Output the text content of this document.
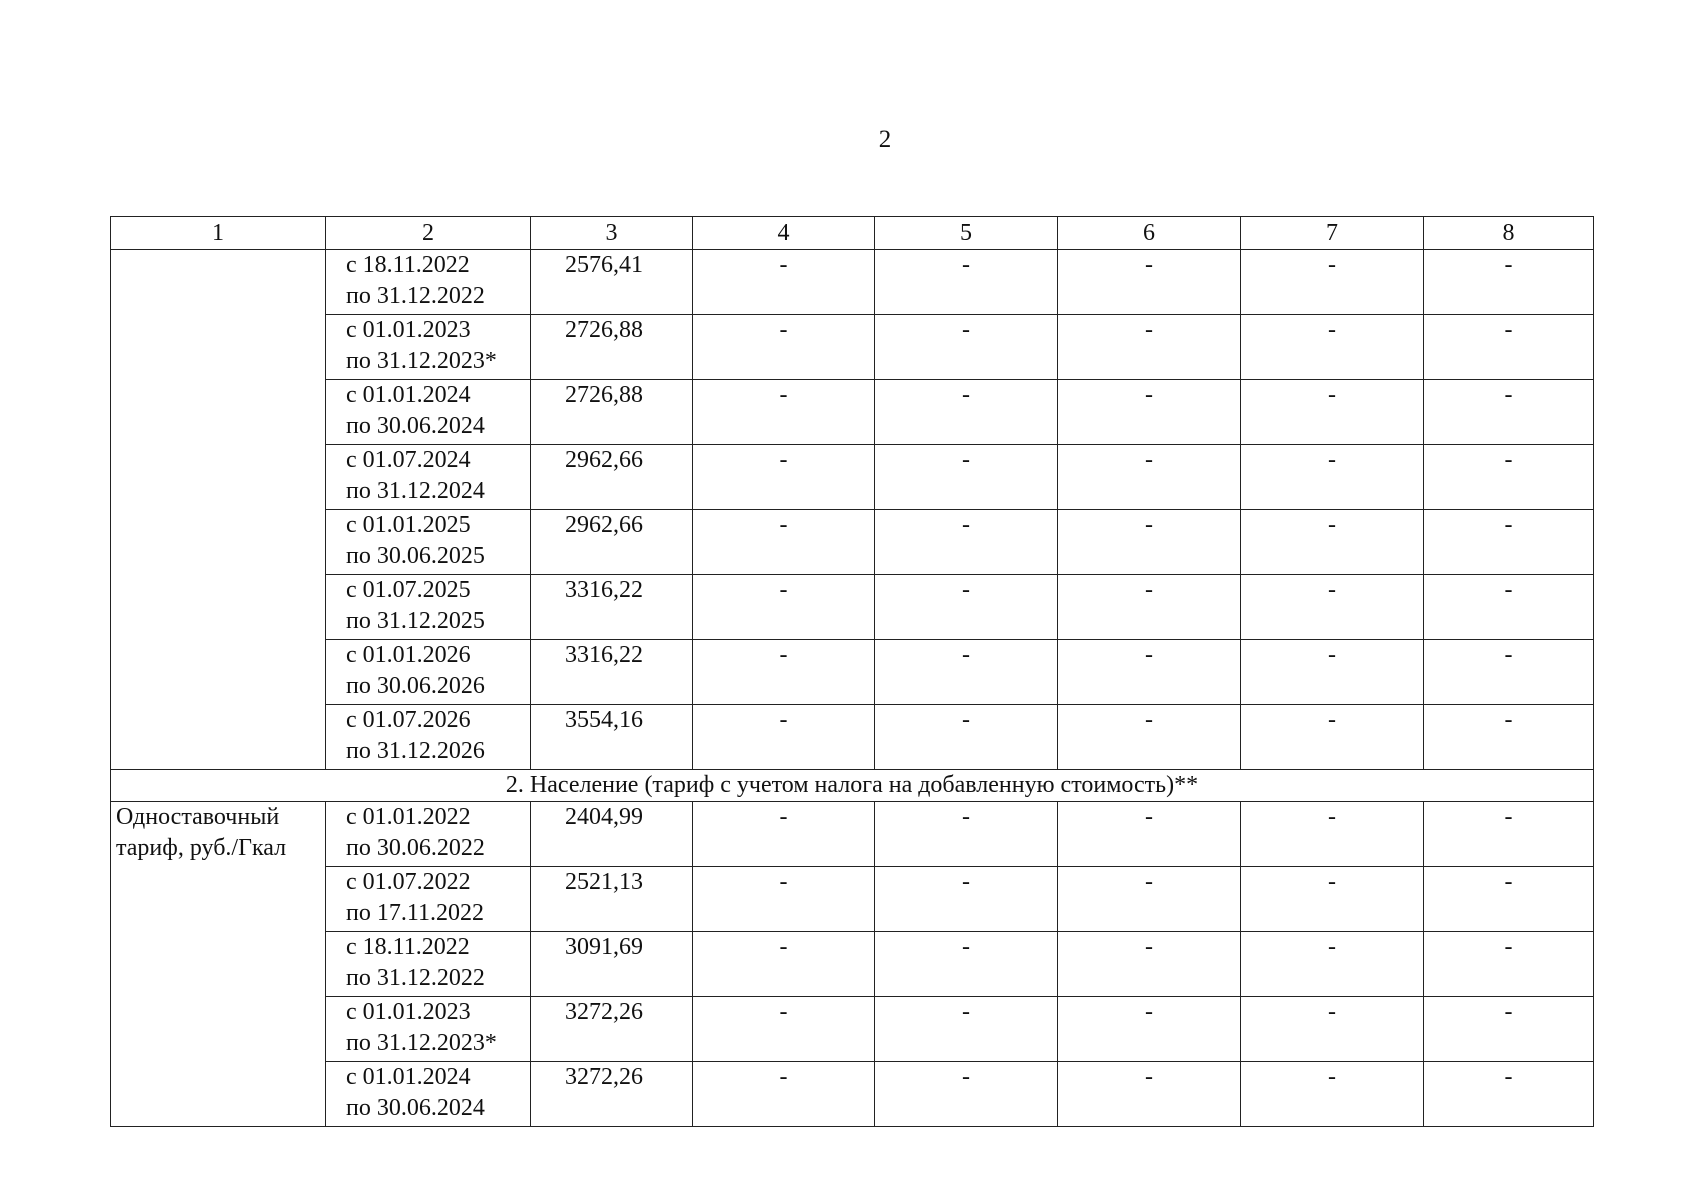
2
1	2	3	4	5	6	7	8

	с 18.11.2022
по 31.12.2022	2576,41	-	-	-	-	-

	с 01.01.2023
по 31.12.2023*	2726,88	-	-	-	-	-

	с 01.01.2024
по 30.06.2024	2726,88	-	-	-	-	-

	с 01.07.2024
по 31.12.2024	2962,66	-	-	-	-	-

	с 01.01.2025
по 30.06.2025	2962,66	-	-	-	-	-

	с 01.07.2025
по 31.12.2025	3316,22	-	-	-	-	-

	с 01.01.2026
по 30.06.2026	3316,22	-	-	-	-	-

	с 01.07.2026
по 31.12.2026	3554,16	-	-	-	-	-
2. Население (тариф с учетом налога на добавленную стоимость)**							

Одноставочный
тариф, руб./Гкал	с 01.01.2022
по 30.06.2022	2404,99	-	-	-	-	-

	с 01.07.2022
по 17.11.2022	2521,13	-	-	-	-	-

	с 18.11.2022
по 31.12.2022	3091,69	-	-	-	-	-

	с 01.01.2023
по 31.12.2023*	3272,26	-	-	-	-	-

	с 01.01.2024
по 30.06.2024	3272,26	-	-	-	-	-
